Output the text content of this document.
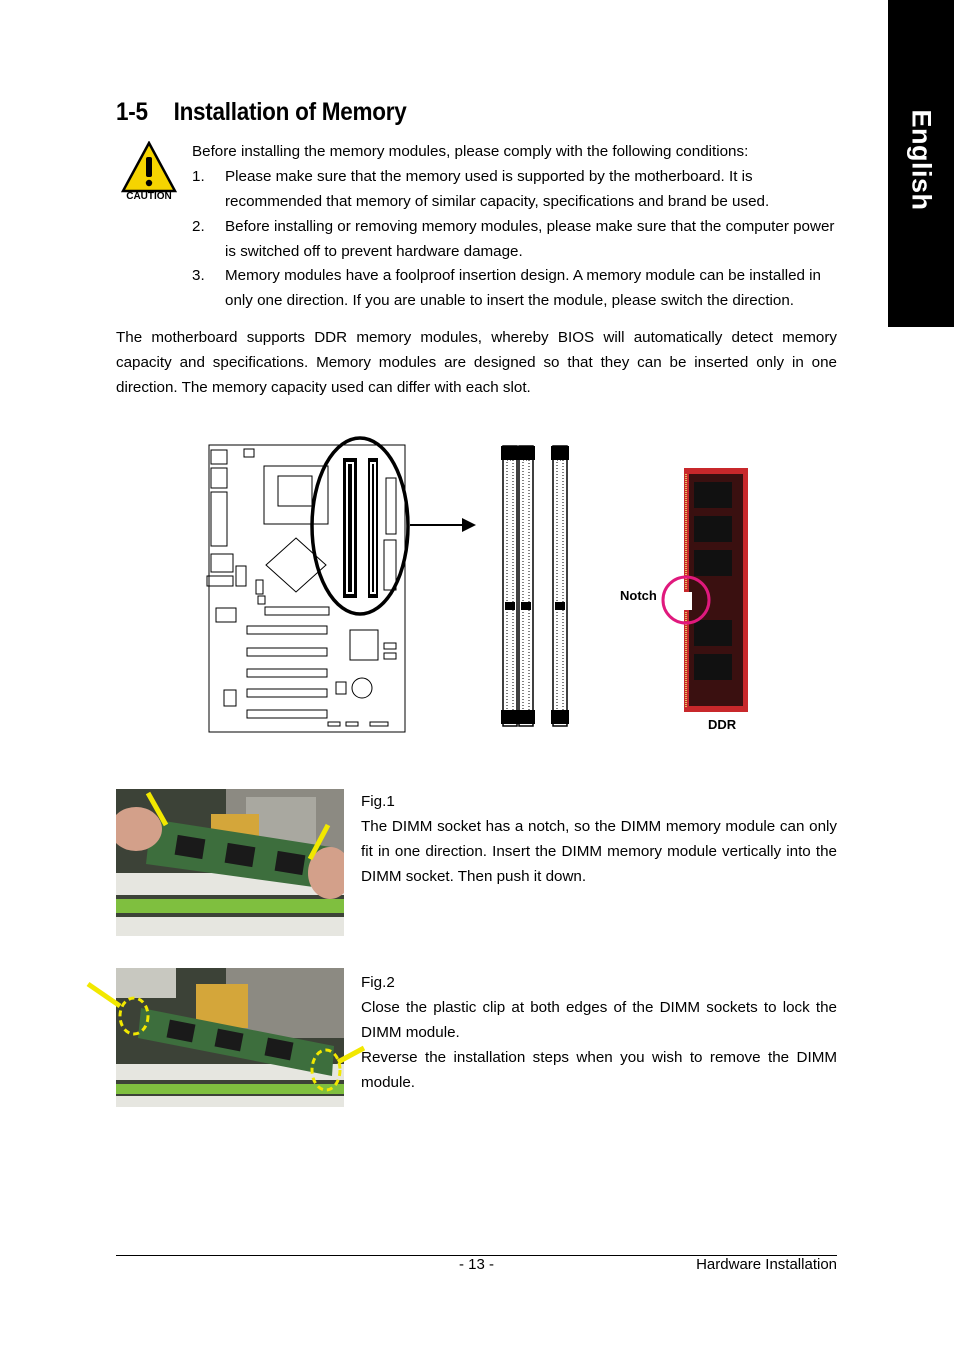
English
1-5 Installation of Memory
CAUTION
Before installing the memory modules, please comply with the following conditions:
1. Please make sure that the memory used is supported by the motherboard. It is recommended that memory of similar capacity, specifications and brand be used.
2. Before installing or removing memory modules, please make sure that the computer power is switched off to prevent hardware damage.
3. Memory modules have a foolproof insertion design. A memory module can be installed in only one direction. If you are unable to insert the module, please switch the direction.
The motherboard supports DDR memory modules, whereby BIOS will automatically detect memory capacity and specifications. Memory modules are designed so that they can be inserted only in one direction. The memory capacity used can differ with each slot.
Notch
DDR
Fig.1
The DIMM socket has a notch, so the DIMM memory module can only fit in one direction. Insert the DIMM memory module vertically into the DIMM socket. Then push it down.
Fig.2
Close the plastic clip at both edges of the DIMM sockets to lock the DIMM module.
Reverse the installation steps when you wish to remove the DIMM module.
- 13 -	Hardware Installation
